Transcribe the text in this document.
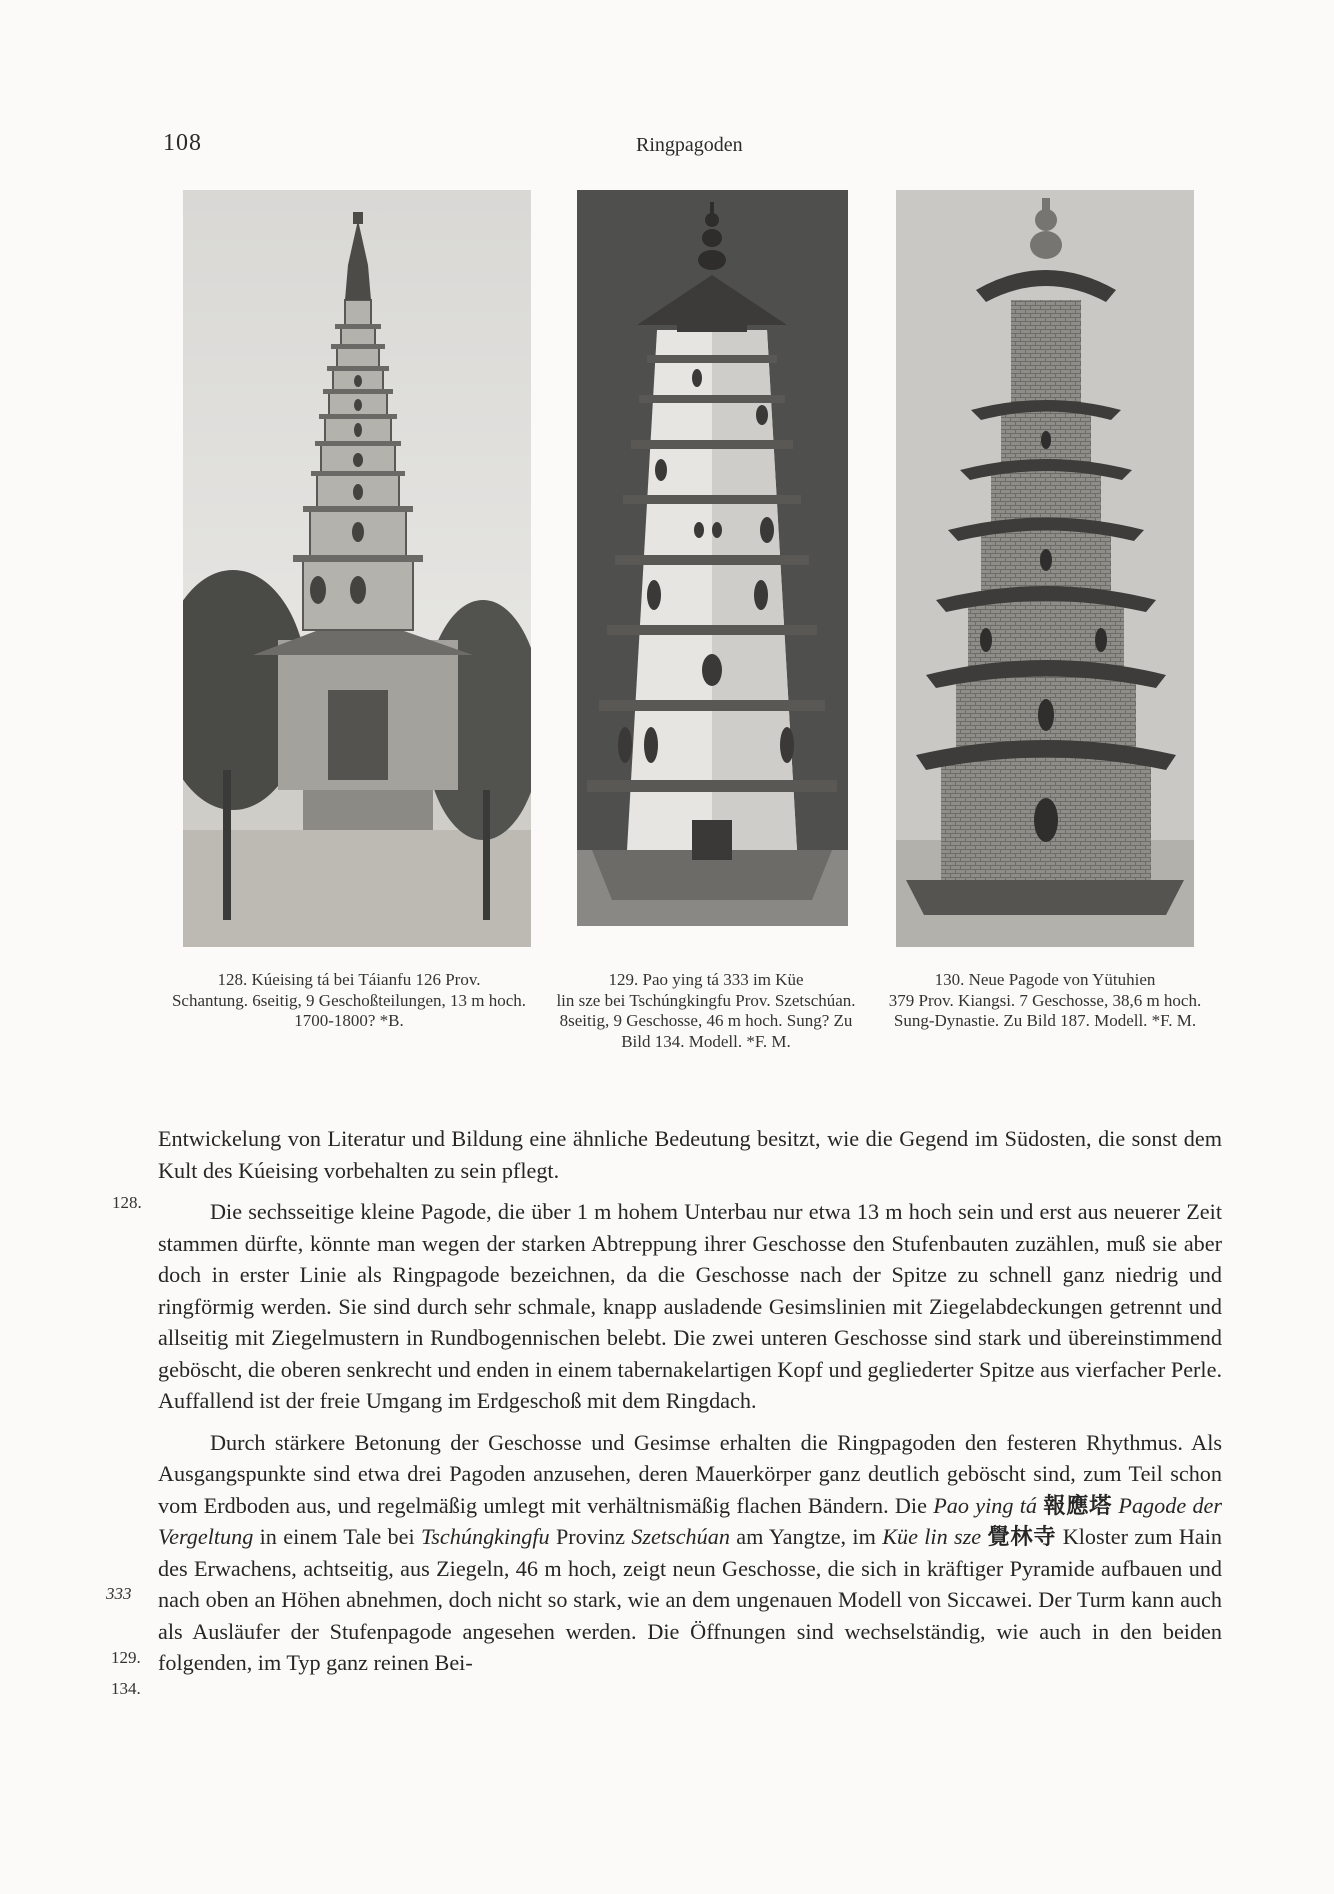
108	Ringpagoden
128. Kúeising tá bei Táianfu 126 Prov.
Schantung. 6seitig, 9 Geschoßteilungen, 13 m hoch. 1700-1800? *B.
129. Pao ying tá 333 im Küe
lin sze bei Tschúngkingfu Prov. Szetschúan. 8seitig, 9 Geschosse, 46 m hoch. Sung? Zu Bild 134. Modell. *F. M.
130. Neue Pagode von Yütuhien
379 Prov. Kiangsi. 7 Geschosse, 38,6 m hoch. Sung-Dynastie. Zu Bild 187. Modell. *F. M.
128.
333
129.
134.

Entwickelung von Literatur und Bildung eine ähnliche Bedeutung besitzt, wie die Gegend im Südosten, die sonst dem Kult des Kúeising vorbehalten zu sein pflegt.

Die sechsseitige kleine Pagode, die über 1 m hohem Unterbau nur etwa 13 m hoch sein und erst aus neuerer Zeit stammen dürfte, könnte man wegen der starken Abtreppung ihrer Geschosse den Stufenbauten zuzählen, muß sie aber doch in erster Linie als Ringpagode bezeichnen, da die Geschosse nach der Spitze zu schnell ganz niedrig und ringförmig werden. Sie sind durch sehr schmale, knapp ausladende Gesimslinien mit Ziegelabdeckungen getrennt und allseitig mit Ziegelmustern in Rundbogennischen belebt. Die zwei unteren Geschosse sind stark und übereinstimmend geböscht, die oberen senkrecht und enden in einem tabernakelartigen Kopf und gegliederter Spitze aus vierfacher Perle. Auffallend ist der freie Umgang im Erdgeschoß mit dem Ringdach.

Durch stärkere Betonung der Geschosse und Gesimse erhalten die Ringpagoden den festeren Rhythmus. Als Ausgangspunkte sind etwa drei Pagoden anzusehen, deren Mauerkörper ganz deutlich geböscht sind, zum Teil schon vom Erdboden aus, und regelmäßig umlegt mit verhältnismäßig flachen Bändern. Die Pao ying tá 報應塔 Pagode der Vergeltung in einem Tale bei Tschúngkingfu Provinz Szetschúan am Yangtze, im Küe lin sze 覺林寺 Kloster zum Hain des Erwachens, achtseitig, aus Ziegeln, 46 m hoch, zeigt neun Geschosse, die sich in kräftiger Pyramide aufbauen und nach oben an Höhen abnehmen, doch nicht so stark, wie an dem ungenauen Modell von Siccawei. Der Turm kann auch als Ausläufer der Stufenpagode angesehen werden. Die Öffnungen sind wechselständig, wie auch in den beiden folgenden, im Typ ganz reinen Bei-
